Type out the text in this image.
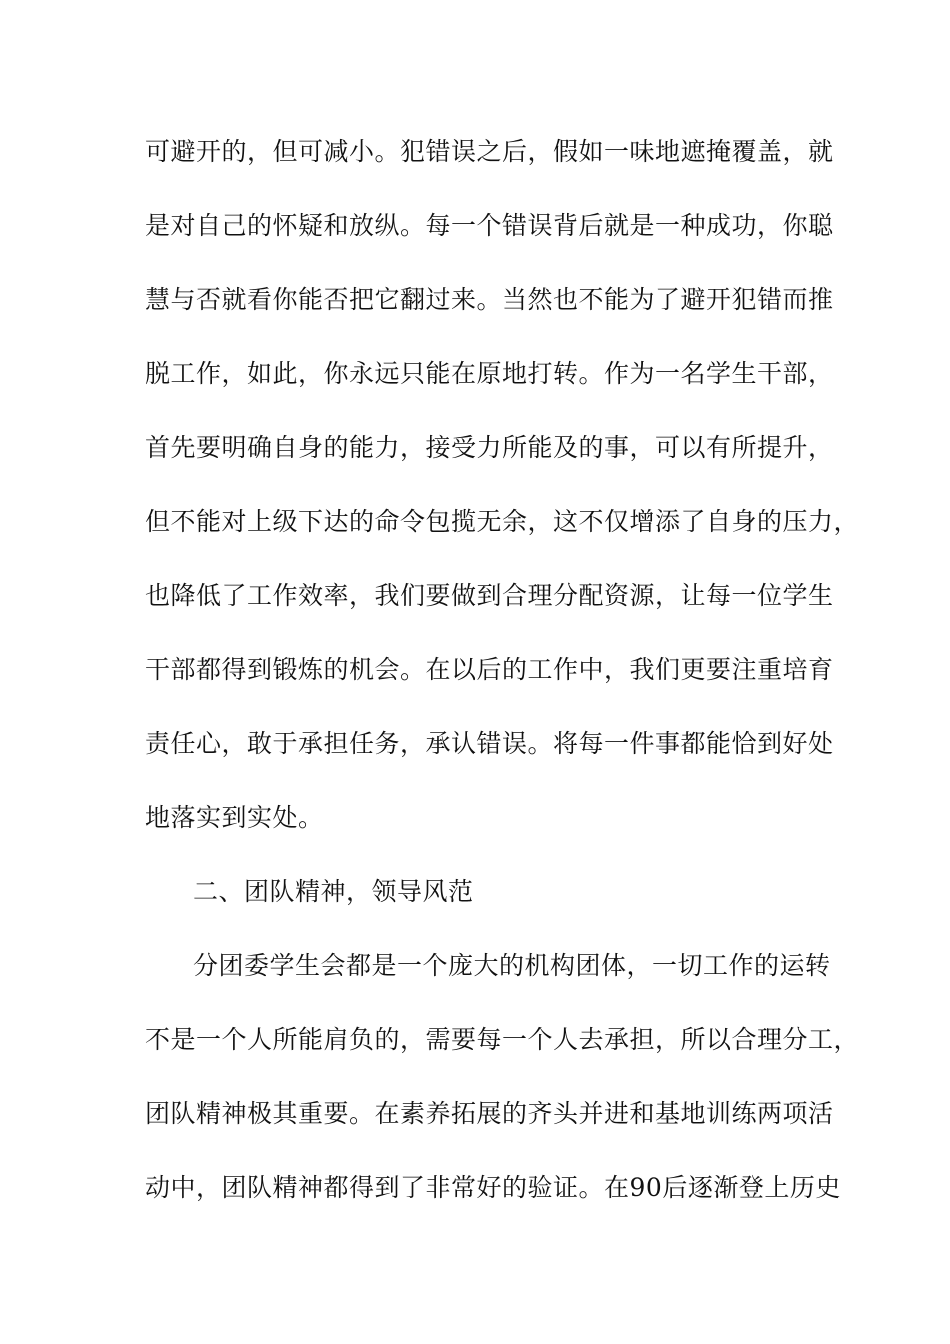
可避开的，但可减小。犯错误之后，假如一味地遮掩覆盖，就

是对自己的怀疑和放纵。每一个错误背后就是一种成功，你聪

慧与否就看你能否把它翻过来。当然也不能为了避开犯错而推

脱工作，如此，你永远只能在原地打转。作为一名学生干部，

首先要明确自身的能力，接受力所能及的事，可以有所提升，

但不能对上级下达的命令包揽无余，这不仅增添了自身的压力，

也降低了工作效率，我们要做到合理分配资源，让每一位学生

干部都得到锻炼的机会。在以后的工作中，我们更要注重培育

责任心，敢于承担任务，承认错误。将每一件事都能恰到好处

地落实到实处。

二、团队精神，领导风范

分团委学生会都是一个庞大的机构团体，一切工作的运转

不是一个人所能肩负的，需要每一个人去承担，所以合理分工，

团队精神极其重要。在素养拓展的齐头并进和基地训练两项活

动中，团队精神都得到了非常好的验证。在90后逐渐登上历史
